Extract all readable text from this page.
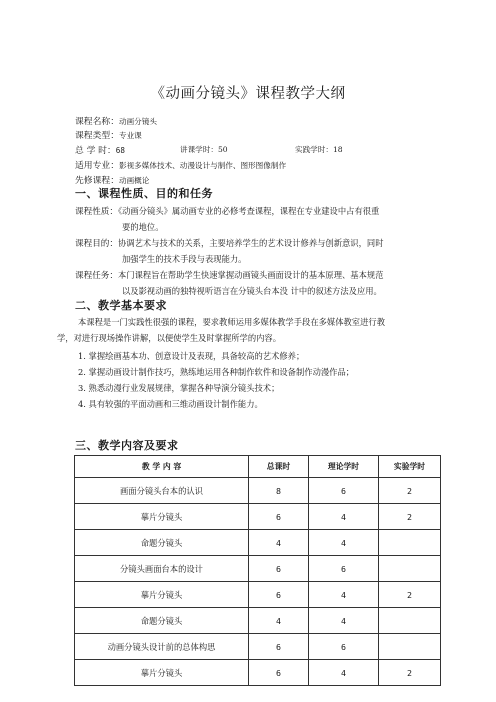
《动画分镜头》课程教学大纲
课程名称：动画分镜头
课程类型：专业课
总 学 时：68	讲课学时：50	实践学时：18
适用专业：影视多媒体技术、动漫设计与制作、图形图像制作
先修课程：动画概论
一、课程性质、目的和任务
课程性质：《动画分镜头》属动画专业的必修考查课程，课程在专业建设中占有很重
要的地位。
课程目的：协调艺术与技术的关系，主要培养学生的艺术设计修养与创新意识，同时
加强学生的技术手段与表现能力。
课程任务：本门课程旨在帮助学生快速掌握动画镜头画面设计的基本原理、基本规范
以及影视动画的独特视听语言在分镜头台本没 计中的叙述方法及应用。
二、教学基本要求
本课程是一门实践性很强的课程，要求教师运用多媒体教学手段在多媒体教室进行教
学，对进行现场操作讲解，以便使学生及时掌握所学的内容。
1. 掌握绘画基本功、创意设计及表现，具备较高的艺术修养；
2. 掌握动画设计制作技巧，熟练地运用各种制作软件和设备制作动漫作品；
3. 熟悉动漫行业发展规律，掌握各种导演分镜头技术；
4. 具有较强的平面动画和三维动画设计制作能力。
三、教学内容及要求
教 学 内 容	总课时	理论学时	实验学时
画面分镜头台本的认识	8	6	2
摹片分镜头	6	4	2
命题分镜头	4	4	
分镜头画面台本的设计	6	6	
摹片分镜头	6	4	2
命题分镜头	4	4	
动画分镜头设计前的总体构思	6	6	
摹片分镜头	6	4	2
